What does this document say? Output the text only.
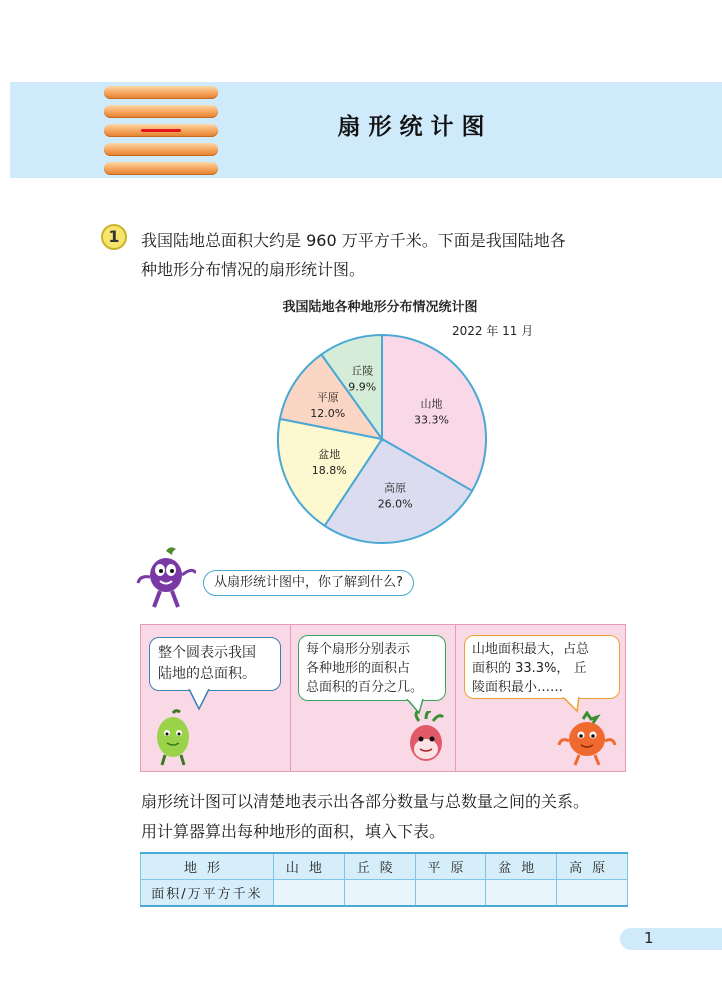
扇形统计图
1	我国陆地总面积大约是 960 万平方千米。下面是我国陆地各
种地形分布情况的扇形统计图。
我国陆地各种地形分布情况统计图
2022 年 11 月
山地
33.3%
高原
26.0%
盆地
18.8%
平原
12.0%
丘陵
9.9%
从扇形统计图中，你了解到什么?
整个圆表示我国
陆地的总面积。
每个扇形分别表示
各种地形的面积占
总面积的百分之几。
山地面积最大，占总
面积的 33.3%， 丘
陵面积最小……
扇形统计图可以清楚地表示出各部分数量与总数量之间的关系。
用计算器算出每种地形的面积，填入下表。
地形	山地	丘陵	平原	盆地	高原
面积/万平方千米					
1
